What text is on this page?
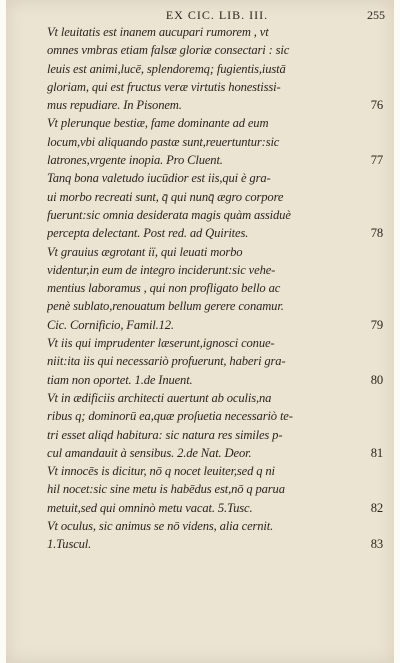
EX CIC. LIB. III.	255
Vt leuitatis est inanem aucupari rumorem , vt
omnes vmbras etiam falsæ gloriæ consectari : sic
leuis est animi,lucē, splendoremq; fugientis,iustā
gloriam, qui est fructus veræ virtutis honestissi-
76
mus repudiare. In Pisonem.
Vt plerunque bestiæ, fame dominante ad eum
locum,vbi aliquando pastæ sunt,reuertuntur:sic
77
latrones,vrgente inopia. Pro Cluent.
Tanq bona valetudo iucūdior est iis,qui è gra-
ui morbo recreati sunt, q̄ qui nunq̄ ægro corpore
fuerunt:sic omnia desiderata magis quàm assiduè
78
percepta delectant. Post red. ad Quirites.
Vt grauius ægrotant iï, qui leuati morbo
videntur,in eum de integro inciderunt:sic vehe-
mentius laboramus , qui non profligato bello ac
penè sublato,renouatum bellum gerere conamur.
79
Cic. Cornificio, Famil.12.
Vt iis qui imprudenter læserunt,ignosci conue-
niit:ita iis qui necessariò profuerunt, haberi gra-
80
tiam non oportet. 1.de Inuent.
Vt in ædificiis architecti auertunt ab oculis,na
ribus q; dominorū ea,quæ proſuetia necessariò te-
tri esset aliqd habitura: sic natura res similes p-
81
cul amandauit à sensibus. 2.de Nat. Deor.
Vt innocēs is dicitur, nō q nocet leuiter,sed q ni
hil nocet:sic sine metu is habēdus est,nō q parua
82
metuit,sed qui omninò metu vacat. 5.Tusc.
Vt oculus, sic animus se nō videns, alia cernit.
83
1.Tuscul.
